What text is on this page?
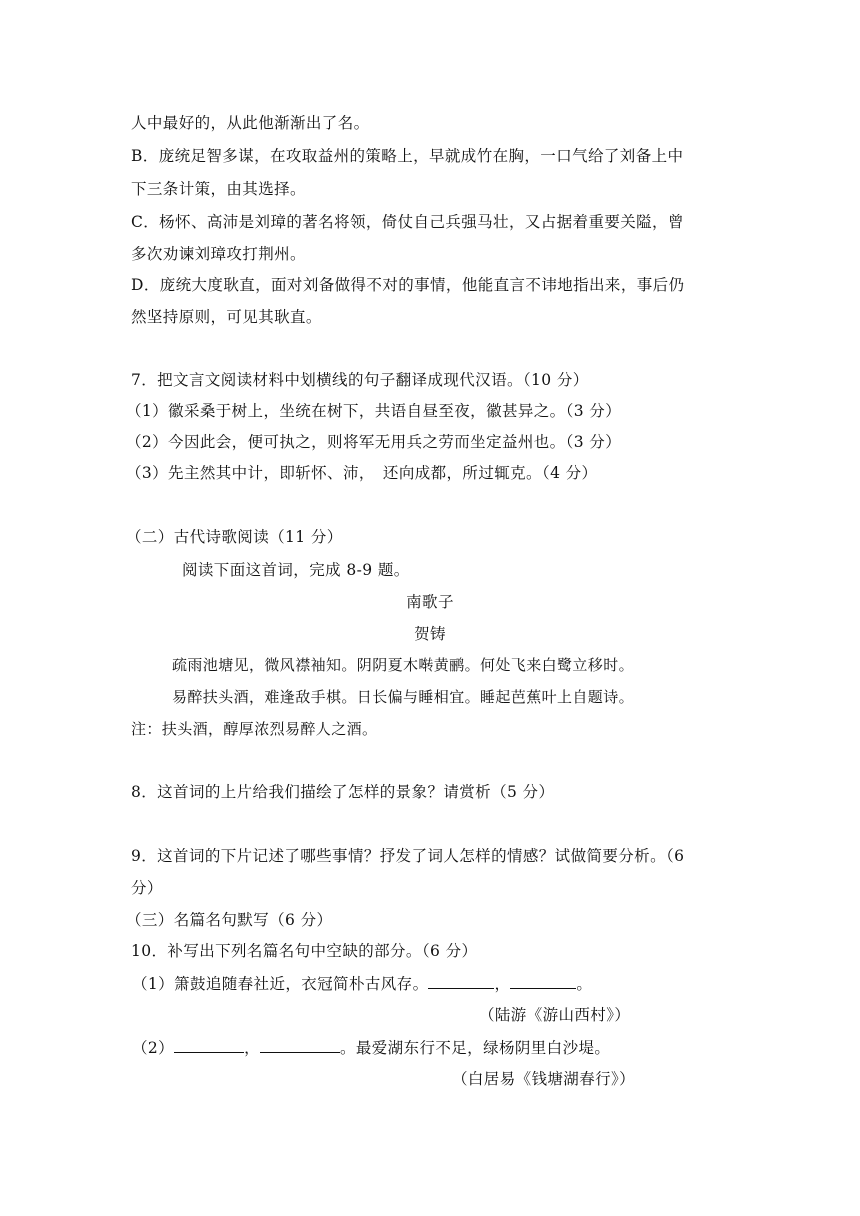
人中最好的，从此他渐渐出了名。
B．庞统足智多谋，在攻取益州的策略上，早就成竹在胸，一口气给了刘备上中
下三条计策，由其选择。
C．杨怀、高沛是刘璋的著名将领，倚仗自己兵强马壮，又占据着重要关隘，曾
多次劝谏刘璋攻打荆州。
D．庞统大度耿直，面对刘备做得不对的事情，他能直言不讳地指出来，事后仍
然坚持原则，可见其耿直。
7．把文言文阅读材料中划横线的句子翻译成现代汉语。（10 分）
（1）徽采桑于树上，坐统在树下，共语自昼至夜，徽甚异之。（3 分）
（2）今因此会，便可执之，则将军无用兵之劳而坐定益州也。（3 分）
（3）先主然其中计，即斩怀、沛，　还向成都，所过辄克。（4 分）
（二）古代诗歌阅读（11 分）
阅读下面这首词，完成 8-9 题。
南歌子
贺铸
疏雨池塘见，微风襟袖知。阴阴夏木啭黄鹂。何处飞来白鹭立移时。
易醉扶头酒，难逢敌手棋。日长偏与睡相宜。睡起芭蕉叶上自题诗。
注：扶头酒，醇厚浓烈易醉人之酒。
8．这首词的上片给我们描绘了怎样的景象？请赏析（5 分）
9．这首词的下片记述了哪些事情？抒发了词人怎样的情感？试做简要分析。（6
分）
（三）名篇名句默写（6 分）
10．补写出下列名篇名句中空缺的部分。（6 分）
（1）箫鼓追随春社近，衣冠简朴古风存。	，	。
（陆游《游山西村》）
（2）	，	。最爱湖东行不足，绿杨阴里白沙堤。
（白居易《钱塘湖春行》）
